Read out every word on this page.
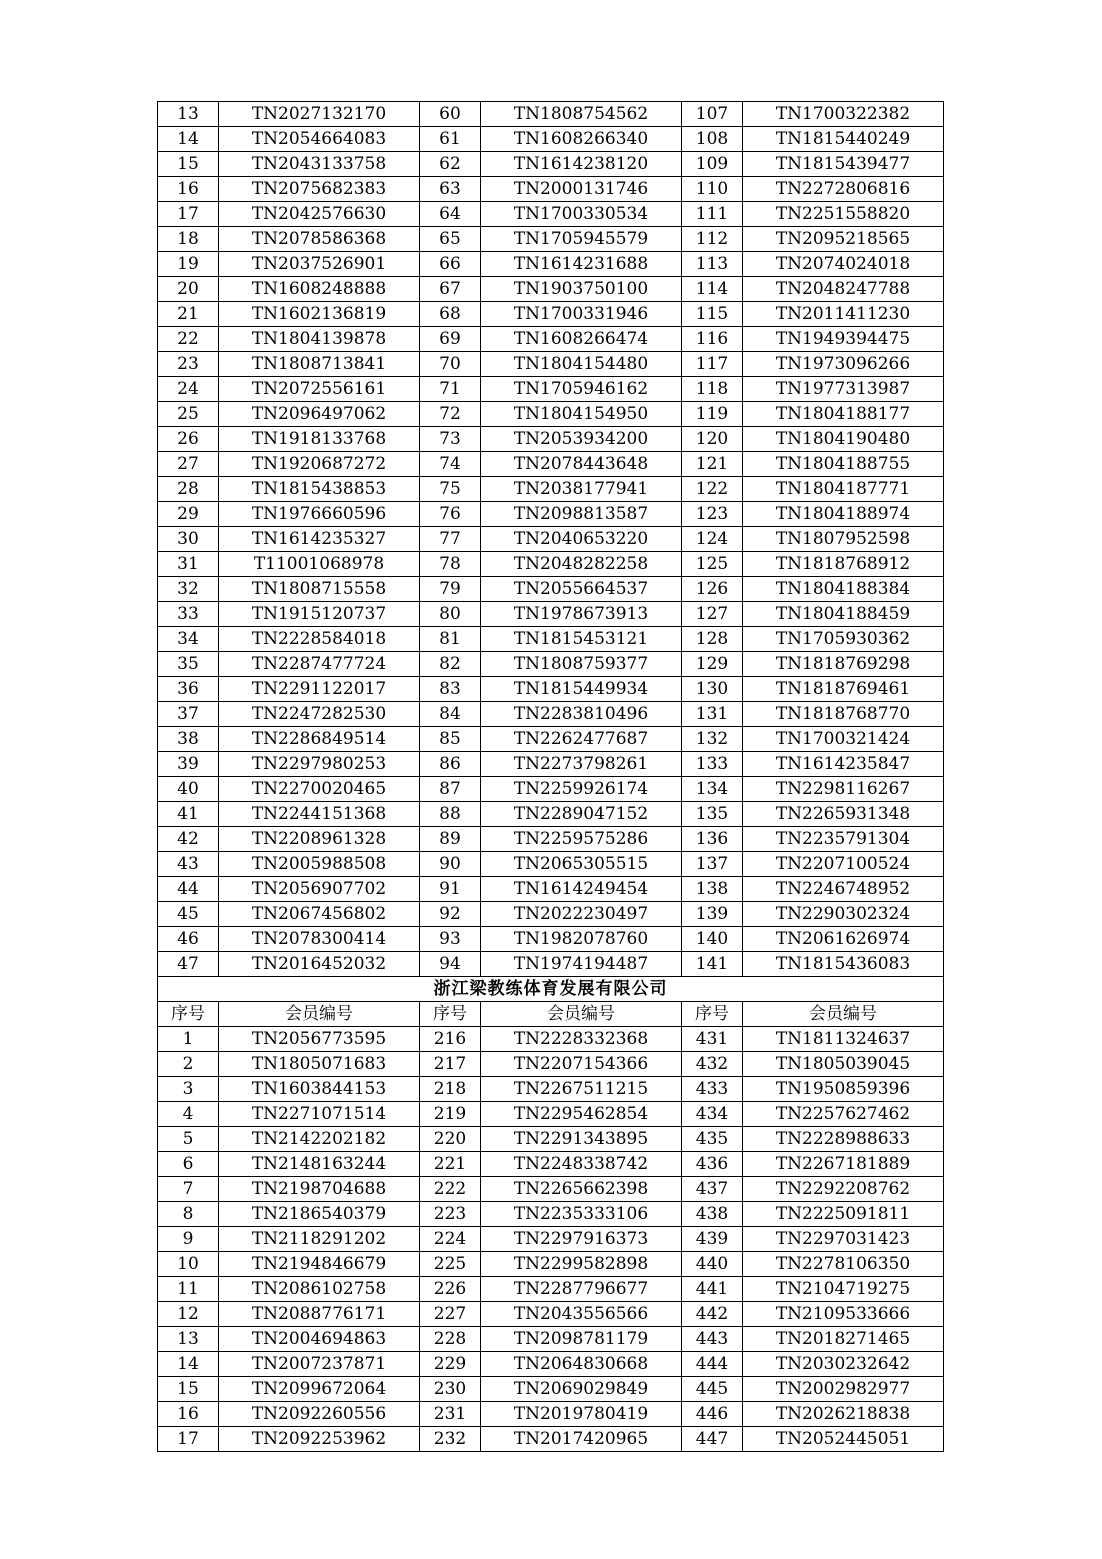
13	TN2027132170	60	TN1808754562	107	TN1700322382
14	TN2054664083	61	TN1608266340	108	TN1815440249
15	TN2043133758	62	TN1614238120	109	TN1815439477
16	TN2075682383	63	TN2000131746	110	TN2272806816
17	TN2042576630	64	TN1700330534	111	TN2251558820
18	TN2078586368	65	TN1705945579	112	TN2095218565
19	TN2037526901	66	TN1614231688	113	TN2074024018
20	TN1608248888	67	TN1903750100	114	TN2048247788
21	TN1602136819	68	TN1700331946	115	TN2011411230
22	TN1804139878	69	TN1608266474	116	TN1949394475
23	TN1808713841	70	TN1804154480	117	TN1973096266
24	TN2072556161	71	TN1705946162	118	TN1977313987
25	TN2096497062	72	TN1804154950	119	TN1804188177
26	TN1918133768	73	TN2053934200	120	TN1804190480
27	TN1920687272	74	TN2078443648	121	TN1804188755
28	TN1815438853	75	TN2038177941	122	TN1804187771
29	TN1976660596	76	TN2098813587	123	TN1804188974
30	TN1614235327	77	TN2040653220	124	TN1807952598
31	T11001068978	78	TN2048282258	125	TN1818768912
32	TN1808715558	79	TN2055664537	126	TN1804188384
33	TN1915120737	80	TN1978673913	127	TN1804188459
34	TN2228584018	81	TN1815453121	128	TN1705930362
35	TN2287477724	82	TN1808759377	129	TN1818769298
36	TN2291122017	83	TN1815449934	130	TN1818769461
37	TN2247282530	84	TN2283810496	131	TN1818768770
38	TN2286849514	85	TN2262477687	132	TN1700321424
39	TN2297980253	86	TN2273798261	133	TN1614235847
40	TN2270020465	87	TN2259926174	134	TN2298116267
41	TN2244151368	88	TN2289047152	135	TN2265931348
42	TN2208961328	89	TN2259575286	136	TN2235791304
43	TN2005988508	90	TN2065305515	137	TN2207100524
44	TN2056907702	91	TN1614249454	138	TN2246748952
45	TN2067456802	92	TN2022230497	139	TN2290302324
46	TN2078300414	93	TN1982078760	140	TN2061626974
47	TN2016452032	94	TN1974194487	141	TN1815436083
浙江梁教练体育发展有限公司					
序号	会员编号	序号	会员编号	序号	会员编号
1	TN2056773595	216	TN2228332368	431	TN1811324637
2	TN1805071683	217	TN2207154366	432	TN1805039045
3	TN1603844153	218	TN2267511215	433	TN1950859396
4	TN2271071514	219	TN2295462854	434	TN2257627462
5	TN2142202182	220	TN2291343895	435	TN2228988633
6	TN2148163244	221	TN2248338742	436	TN2267181889
7	TN2198704688	222	TN2265662398	437	TN2292208762
8	TN2186540379	223	TN2235333106	438	TN2225091811
9	TN2118291202	224	TN2297916373	439	TN2297031423
10	TN2194846679	225	TN2299582898	440	TN2278106350
11	TN2086102758	226	TN2287796677	441	TN2104719275
12	TN2088776171	227	TN2043556566	442	TN2109533666
13	TN2004694863	228	TN2098781179	443	TN2018271465
14	TN2007237871	229	TN2064830668	444	TN2030232642
15	TN2099672064	230	TN2069029849	445	TN2002982977
16	TN2092260556	231	TN2019780419	446	TN2026218838
17	TN2092253962	232	TN2017420965	447	TN2052445051
